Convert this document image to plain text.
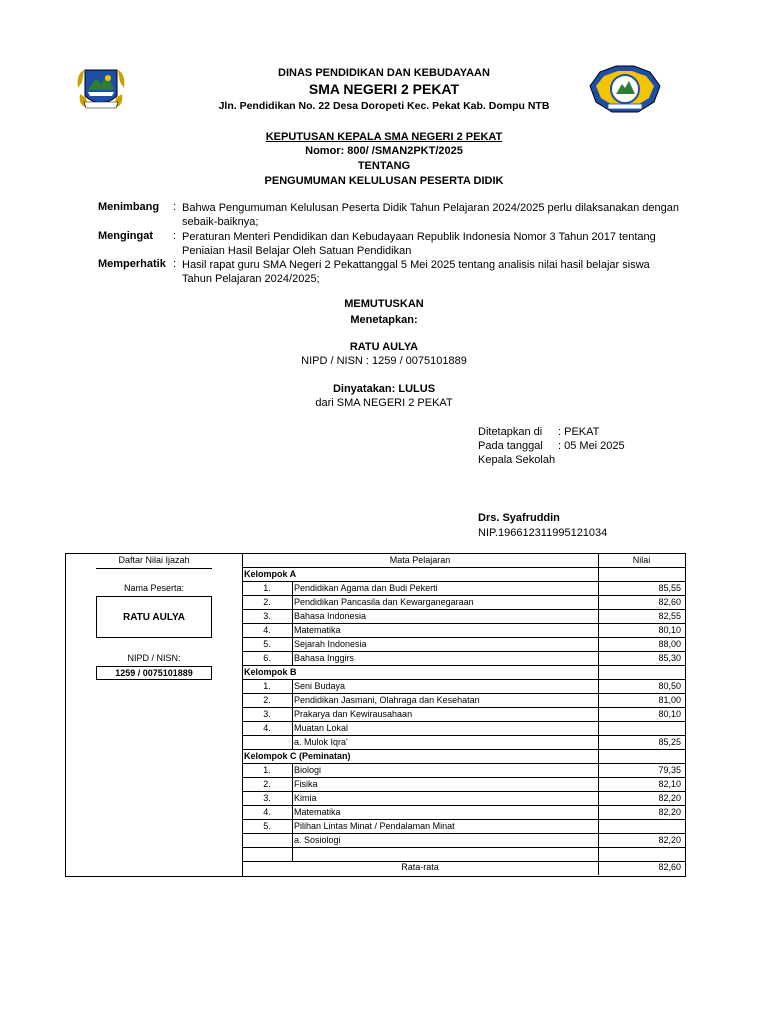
DINAS PENDIDIKAN DAN KEBUDAYAAN
SMA NEGERI 2 PEKAT
Jln. Pendidikan No. 22 Desa Doropeti Kec. Pekat Kab. Dompu NTB
KEPUTUSAN KEPALA SMA NEGERI 2 PEKAT
Nomor: 800/ /SMAN2PKT/2025
TENTANG
PENGUMUMAN KELULUSAN PESERTA DIDIK
Menimbang : Bahwa Pengumuman Kelulusan Peserta Didik Tahun Pelajaran 2024/2025 perlu dilaksanakan dengan sebaik-baiknya;
Mengingat : Peraturan Menteri Pendidikan dan Kebudayaan Republik Indonesia Nomor 3 Tahun 2017 tentang Peniaian Hasil Belajar Oleh Satuan Pendidikan
Memperhatik : Hasil rapat guru SMA Negeri 2 Pekattanggal 5 Mei 2025 tentang analisis nilai hasil belajar siswa Tahun Pelajaran 2024/2025;
MEMUTUSKAN
Menetapkan:
RATU AULYA
NIPD / NISN : 1259 / 0075101889
Dinyatakan: LULUS
dari SMA NEGERI 2 PEKAT
Ditetapkan di : PEKAT
Pada tanggal : 05 Mei 2025
Kepala Sekolah
Drs. Syafruddin
NIP.196612311995121034
Daftar Nilai Ijazah
Nama Peserta:
RATU AULYA
NIPD / NISN:
1259 / 0075101889
Mata Pelajaran	Nilai
Kelompok A
1.	Pendidikan Agama dan Budi Pekerti	85,55
2.	Pendidikan Pancasila dan Kewarganegaraan	82,60
3.	Bahasa Indonesia	82,55
4.	Matematika	80,10
5.	Sejarah Indonesia	88,00
6.	Bahasa Inggirs	85,30
Kelompok B
1.	Seni Budaya	80,50
2.	Pendidikan Jasmani, Olahraga dan Kesehatan	81,00
3.	Prakarya dan Kewirausahaan	80,10
4.	Muatan Lokal
a. Mulok Iqra'	85,25
Kelompok C (Peminatan)
1.	Biologi	79,35
2.	Fisika	82,10
3.	Kimia	82,20
4.	Matematika	82,20
5.	Pilihan Lintas Minat / Pendalaman Minat
a. Sosiologi	82,20
Rata-rata	82,60
